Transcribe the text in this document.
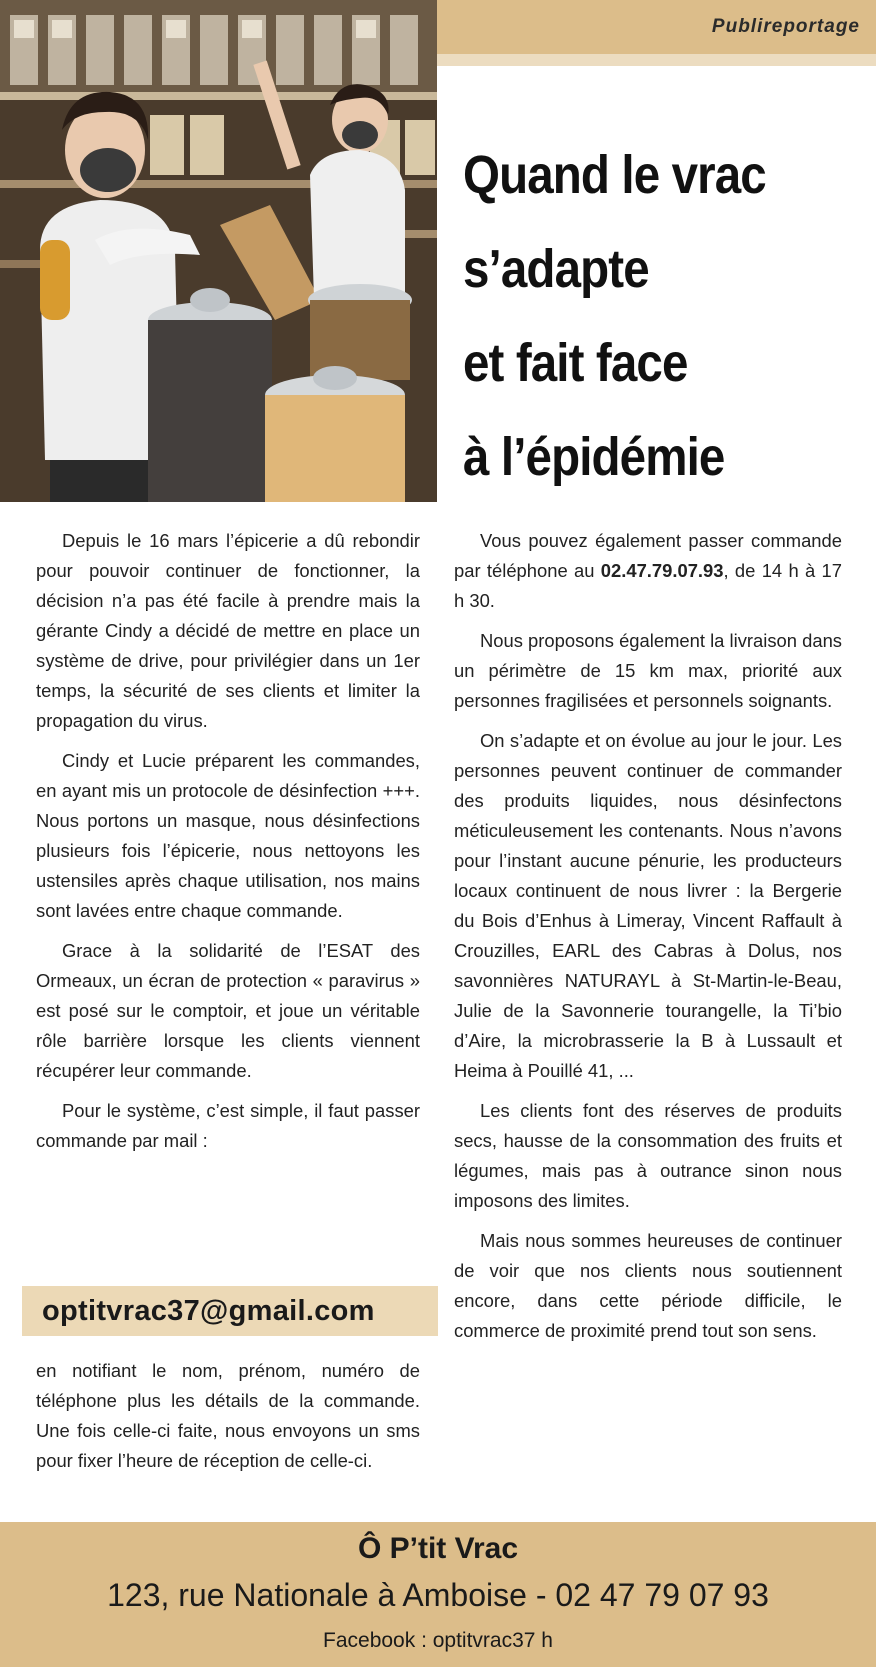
Publireportage
Quand le vrac
s’adapte
et fait face
à l’épidémie

Depuis le 16 mars l’épicerie a dû rebondir pour pouvoir continuer de fonctionner, la décision n’a pas été facile à prendre mais la gérante Cindy a décidé de mettre en place un système de drive, pour privilégier dans un 1er temps, la sécurité de ses clients et limiter la propagation du virus.

Cindy et Lucie préparent les commandes, en ayant mis un protocole de désinfection +++. Nous portons un masque, nous désinfections plusieurs fois l’épicerie, nous nettoyons les ustensiles après chaque utilisation, nos mains sont lavées entre chaque commande.

Grace à la solidarité de l’ESAT des Ormeaux, un écran de protection « paravirus » est posé sur le comptoir, et joue un véritable rôle barrière lorsque les clients viennent récupérer leur commande.

Pour le système, c’est simple, il faut passer commande par mail :

optitvrac37@gmail.com

en notifiant le nom, prénom, numéro de téléphone plus les détails de la commande. Une fois celle-ci faite, nous envoyons un sms pour fixer l’heure de réception de celle-ci.

Vous pouvez également passer commande par téléphone au 02.47.79.07.93, de 14 h à 17 h 30.

Nous proposons également la livraison dans un périmètre de 15 km max, priorité aux personnes fragilisées et personnels soignants.

On s’adapte et on évolue au jour le jour. Les personnes peuvent continuer de commander des produits liquides, nous désinfectons méticuleusement les contenants. Nous n’avons pour l’instant aucune pénurie, les producteurs locaux continuent de nous livrer : la Bergerie du Bois d’Enhus à Limeray, Vincent Raffault à Crouzilles, EARL des Cabras à Dolus, nos savonnières NATURAYL à St-Martin-le-Beau, Julie de la Savonnerie tourangelle, la Ti’bio d’Aire, la microbrasserie la B à Lussault et Heima à Pouillé 41, ...

Les clients font des réserves de produits secs, hausse de la consommation des fruits et légumes, mais pas à outrance sinon nous imposons des limites.

Mais nous sommes heureuses de continuer de voir que nos clients nous soutiennent encore, dans cette période difficile, le commerce de proximité prend tout son sens.

Ô P’tit Vrac
123, rue Nationale à Amboise - 02 47 79 07 93
Facebook : optitvrac37 h
